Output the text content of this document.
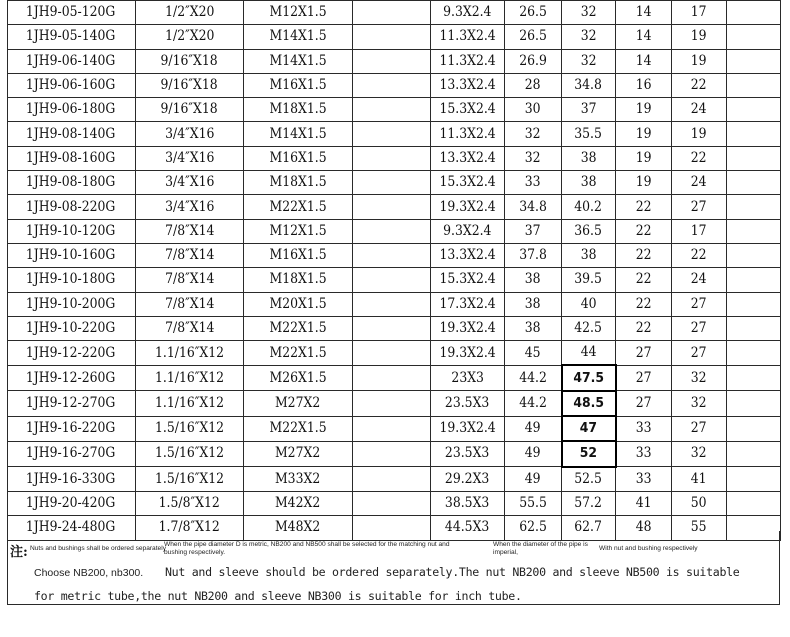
1JH9-05-120G	1/2″X20	M12X1.5		9.3X2.4	26.5	32	14	17	
1JH9-05-140G	1/2″X20	M14X1.5		11.3X2.4	26.5	32	14	19	
1JH9-06-140G	9/16″X18	M14X1.5		11.3X2.4	26.9	32	14	19	
1JH9-06-160G	9/16″X18	M16X1.5		13.3X2.4	28	34.8	16	22	
1JH9-06-180G	9/16″X18	M18X1.5		15.3X2.4	30	37	19	24	
1JH9-08-140G	3/4″X16	M14X1.5		11.3X2.4	32	35.5	19	19	
1JH9-08-160G	3/4″X16	M16X1.5		13.3X2.4	32	38	19	22	
1JH9-08-180G	3/4″X16	M18X1.5		15.3X2.4	33	38	19	24	
1JH9-08-220G	3/4″X16	M22X1.5		19.3X2.4	34.8	40.2	22	27	
1JH9-10-120G	7/8″X14	M12X1.5		9.3X2.4	37	36.5	22	17	
1JH9-10-160G	7/8″X14	M16X1.5		13.3X2.4	37.8	38	22	22	
1JH9-10-180G	7/8″X14	M18X1.5		15.3X2.4	38	39.5	22	24	
1JH9-10-200G	7/8″X14	M20X1.5		17.3X2.4	38	40	22	27	
1JH9-10-220G	7/8″X14	M22X1.5		19.3X2.4	38	42.5	22	27	
1JH9-12-220G	1.1/16″X12	M22X1.5		19.3X2.4	45	44	27	27	
1JH9-12-260G	1.1/16″X12	M26X1.5		23X3	44.2	47.5	27	32	
1JH9-12-270G	1.1/16″X12	M27X2		23.5X3	44.2	48.5	27	32	
1JH9-16-220G	1.5/16″X12	M22X1.5		19.3X2.4	49	47	33	27	
1JH9-16-270G	1.5/16″X12	M27X2		23.5X3	49	52	33	32	
1JH9-16-330G	1.5/16″X12	M33X2		29.2X3	49	52.5	33	41	
1JH9-20-420G	1.5/8″X12	M42X2		38.5X3	55.5	57.2	41	50	
1JH9-24-480G	1.7/8″X12	M48X2		44.5X3	62.5	62.7	48	55	
注: Nuts and bushings shall be ordered separately
When the pipe diameter D is metric, NB200 and NB500 shall be selected for the matching nut and bushing respectively.
When the diameter of the pipe is imperial,	With nut and bushing respectively
Choose NB200, nb300. Nut and sleeve should be ordered separately.The nut NB200 and sleeve NB500 is suitable
for metric tube,the nut NB200 and sleeve NB300 is suitable for inch tube.
